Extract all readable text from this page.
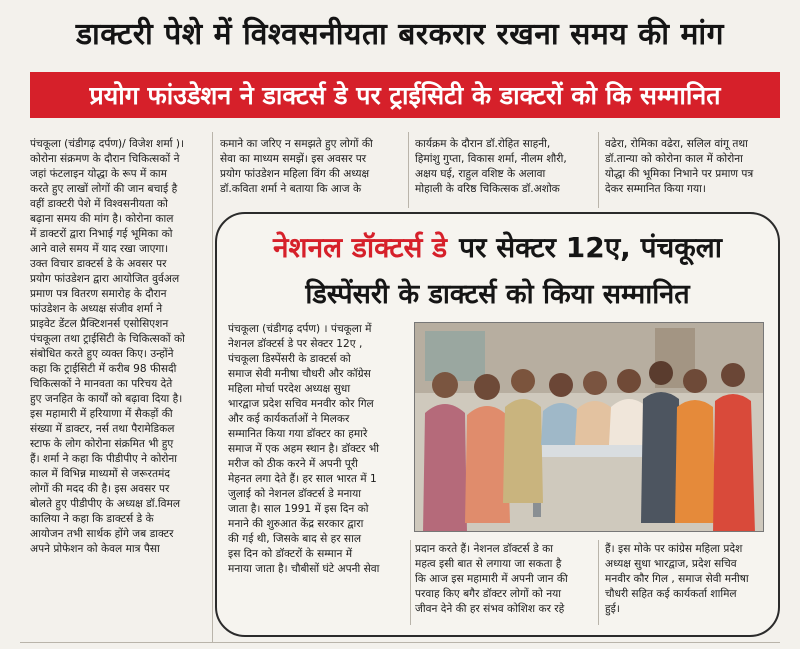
डाक्टरी पेशे में विश्वसनीयता बरकरार रखना समय की मांग
प्रयोग फांउडेशन ने डाक्टर्स डे पर ट्राईसिटी के डाक्टरों को कि सम्मानित

पंचकूला (चंडीगढ़ दर्पण)/ विजेश शर्मा )।

कोरोना संक्रमण के दौरान चिकित्सकों ने

जहां फंटलाइन योद्धा के रूप में काम

करते हुए लाखों लोगों की जान बचाई है

वहीं डाक्टरी पेशे में विश्वसनीयता को

बढ़ाना समय की मांग है। कोरोना काल

में डाक्टरों द्वारा निभाई गई भूमिका को

आने वाले समय में याद रखा जाएगा।

उक्त विचार डाक्टर्स डे के अवसर पर

प्रयोग फांउडेशन द्वारा आयोजित वुर्वअल

प्रमाण पत्र वितरण समारोह के दौरान

फांउडेशन के अध्यक्ष संजीव शर्मा ने

प्राइवेट डेंटल प्रैक्टिशनर्स एसोसिएशन

पंचकूला तथा ट्राईसिटी के चिकित्सकों को

संबोधित करते हुए व्यक्त किए। उन्होंने

कहा कि ट्राईसिटी में करीब 98 फीसदी

चिकित्सकों ने मानवता का परिचय देते

हुए जनहित के कार्यों को बढ़ावा दिया है।

इस महामारी में हरियाणा में सैकड़ों की

संख्या में डाक्टर, नर्स तथा पैरामेडिकल

स्टाफ के लोग कोरोना संक्रमित भी हुए

हैं। शर्मा ने कहा कि पीडीपीए ने कोरोना

काल में विभिन्न माध्यमों से जरूरतमंद

लोगों की मदद की है। इस अवसर पर

बोलते हुए पीडीपीए के अध्यक्ष डॉ.विमल

कालिया ने कहा कि डाक्टर्स डे के

आयोजन तभी सार्थक होंगे जब डाक्टर

अपने प्रोफेशन को केवल मात्र पैसा

कमाने का जरिए न समझते हुए लोगों की

सेवा का माध्यम समझें। इस अवसर पर

प्रयोग फांउडेशन महिला विंग की अध्यक्ष

डॉ.कविता शर्मा ने बताया कि आज के

कार्यक्रम के दौरान डॉ.रोहित साहनी,

हिमांशु गुप्ता, विकास शर्मा, नीलम शौरी,

अक्षय घई, राहुल वशिष्ट के अलावा

मोहाली के वरिष्ठ चिकित्सक डॉ.अशोक

वढेरा, रोमिका वढेरा, सलिल वांगू तथा

डॉ.तान्या को कोरोना काल में कोरोना

योद्धा की भूमिका निभाने पर प्रमाण पत्र

देकर सम्मानित किया गया।

नेशनल डॉक्टर्स डे पर सेक्टर 12ए, पंचकूला
डिस्पेंसरी के डाक्टर्स को किया सम्मानित

पंचकूला (चंडीगढ़ दर्पण) । पंचकूला में

नेशनल डॉक्टर्स डे पर सेक्टर 12ए ,

पंचकूला डिस्पेंसरी के डाक्टर्स को

समाज सेवी मनीषा चौधरी और कॉग्रेस

महिला मोर्चा परदेश अध्यक्ष सुधा

भारद्वाज प्रदेश सचिव मनवीर कोर गिल

और कई कार्यकर्ताओं ने मिलकर

सम्मानित किया गया डॉक्टर का हमारे

समाज में एक अहम स्थान है। डॉक्टर भी

मरीज को ठीक करने में अपनी पूरी

मेहनत लगा देते हैं। हर साल भारत में 1

जुलाई को नेशनल डॉक्टर्स डे मनाया

जाता है। साल 1991 में इस दिन को

मनाने की शुरुआत केंद्र सरकार द्वारा

की गई थी, जिसके बाद से हर साल

इस दिन को डॉक्टरों के सम्मान में

मनाया जाता है। चौबीसों घंटे अपनी सेवा

प्रदान करते हैं। नेशनल डॉक्टर्स डे का

महत्व इसी बात से लगाया जा सकता है

कि आज इस महामारी में अपनी जान की

परवाह किए बगैर डॉक्टर लोगों को नया

जीवन देने की हर संभव कोशिश कर रहे

हैं। इस मोके पर कांग्रेस महिला प्रदेश

अध्यक्ष सुधा भारद्वाज, प्रदेश सचिव

मनवीर कौर गिल , समाज सेवी मनीषा

चौधरी सहित कई कार्यकर्ता शामिल

हुई।
